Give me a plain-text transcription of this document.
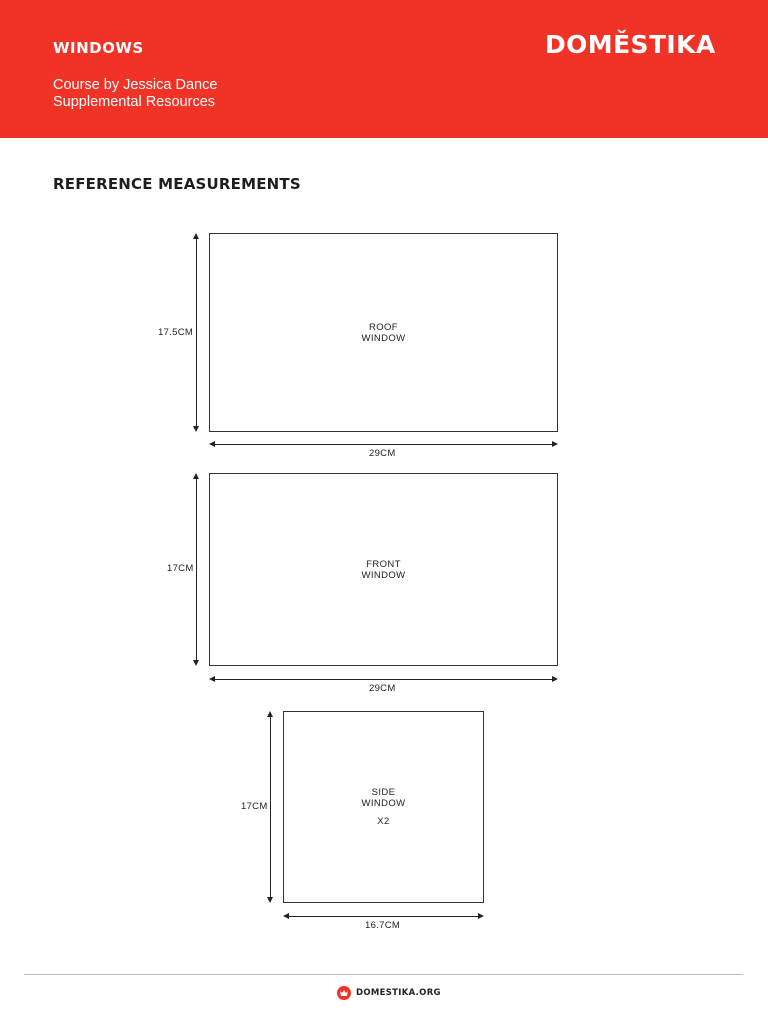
WINDOWS
Course by Jessica Dance
Supplemental Resources
DOMĚSTIKA
REFERENCE MEASUREMENTS
ROOF
WINDOW
17.5CM
29CM
FRONT
WINDOW
17CM
29CM
SIDE
WINDOW
X2
17CM
16.7CM
DOMESTIKA.ORG
